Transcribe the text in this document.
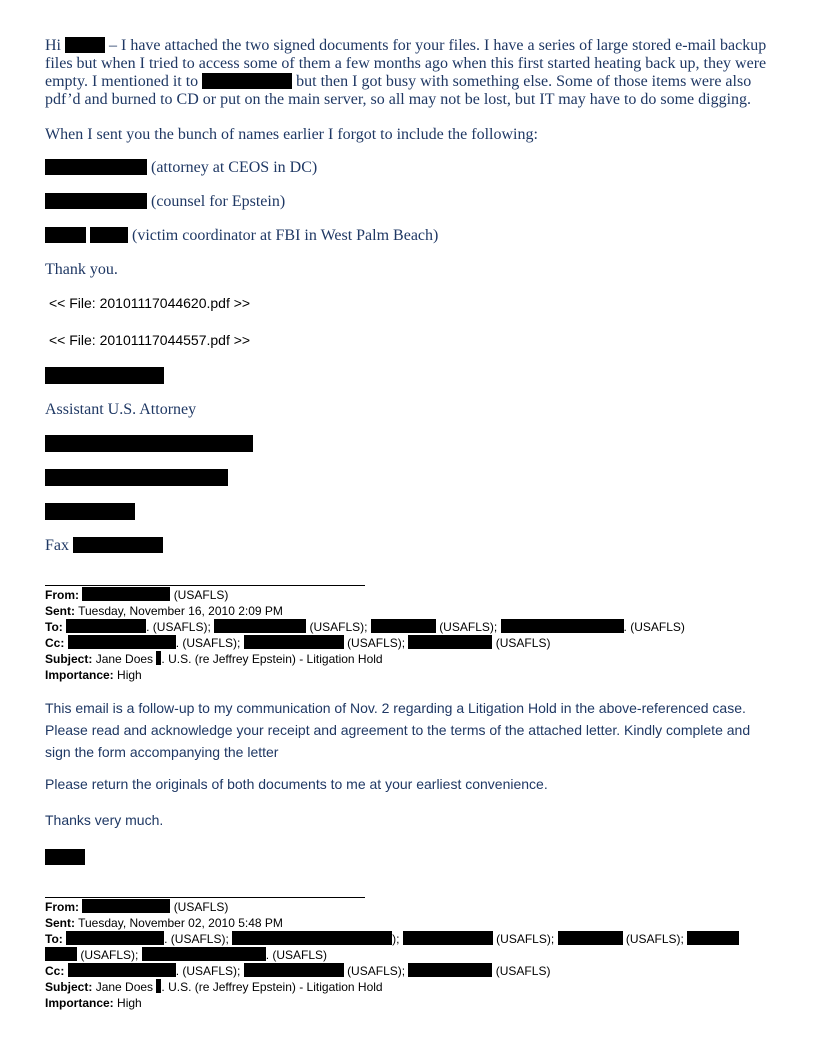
Hi	– I have attached the two signed documents for your files. I have a series of large stored e-mail backup files but when I tried to access some of them a few months ago when this first started heating back up, they were empty. I mentioned it to	but then I got busy with something else. Some of those items were also pdf’d and burned to CD or put on the main server, so all may not be lost, but IT may have to do some digging.
When I sent you the bunch of names earlier I forgot to include the following:
(attorney at CEOS in DC)
(counsel for Epstein)
(victim coordinator at FBI in West Palm Beach)
Thank you.
<< File: 20101117044620.pdf >>
<< File: 20101117044557.pdf >>
Assistant U.S. Attorney
Fax
From:	(USAFLS)
Sent: Tuesday, November 16, 2010 2:09 PM
To:	. (USAFLS);	(USAFLS);	(USAFLS);	. (USAFLS)
Cc:	. (USAFLS);	(USAFLS);	(USAFLS)
Subject: Jane Does . U.S. (re Jeffrey Epstein) - Litigation Hold
Importance: High
This email is a follow-up to my communication of Nov. 2 regarding a Litigation Hold in the above-referenced case. Please read and acknowledge your receipt and agreement to the terms of the attached letter. Kindly complete and sign the form accompanying the letter
Please return the originals of both documents to me at your earliest convenience.
Thanks very much.
From:	(USAFLS)
Sent: Tuesday, November 02, 2010 5:48 PM
To:	. (USAFLS);	);	(USAFLS);	(USAFLS);
(USAFLS);	. (USAFLS)
Cc:	. (USAFLS);	(USAFLS);	(USAFLS)
Subject: Jane Does . U.S. (re Jeffrey Epstein) - Litigation Hold
Importance: High
